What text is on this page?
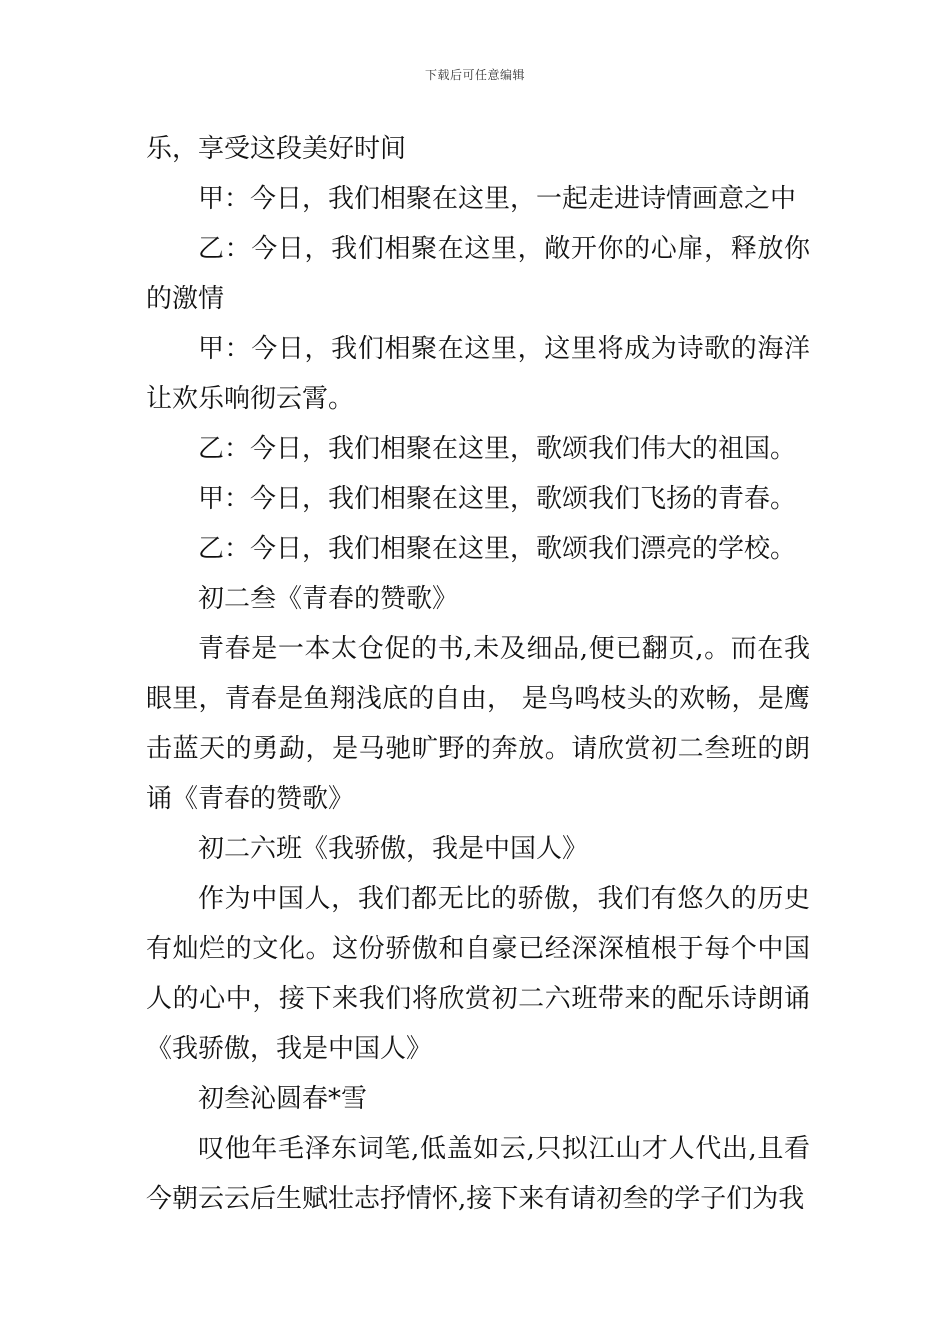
下载后可任意编辑

乐，享受这段美好时间

甲：今日，我们相聚在这里，一起走进诗情画意之中

乙：今日，我们相聚在这里，敞开你的心扉，释放你的激情

甲：今日，我们相聚在这里，这里将成为诗歌的海洋让欢乐响彻云霄。

乙：今日，我们相聚在这里，歌颂我们伟大的祖国。

甲：今日，我们相聚在这里，歌颂我们飞扬的青春。

乙：今日，我们相聚在这里，歌颂我们漂亮的学校。

初二叁《青春的赞歌》

青春是一本太仓促的书,未及细品,便已翻页,。而在我眼里，青春是鱼翔浅底的自由， 是鸟鸣枝头的欢畅，是鹰击蓝天的勇勐，是马驰旷野的奔放。请欣赏初二叁班的朗诵《青春的赞歌》

初二六班《我骄傲，我是中国人》

作为中国人，我们都无比的骄傲，我们有悠久的历史有灿烂的文化。这份骄傲和自豪已经深深植根于每个中国人的心中，接下来我们将欣赏初二六班带来的配乐诗朗诵《我骄傲，我是中国人》

初叁沁圆春*雪

叹他年毛泽东词笔,低盖如云,只拟江山才人代出,且看今朝云云后生赋壮志抒情怀,接下来有请初叁的学子们为我
